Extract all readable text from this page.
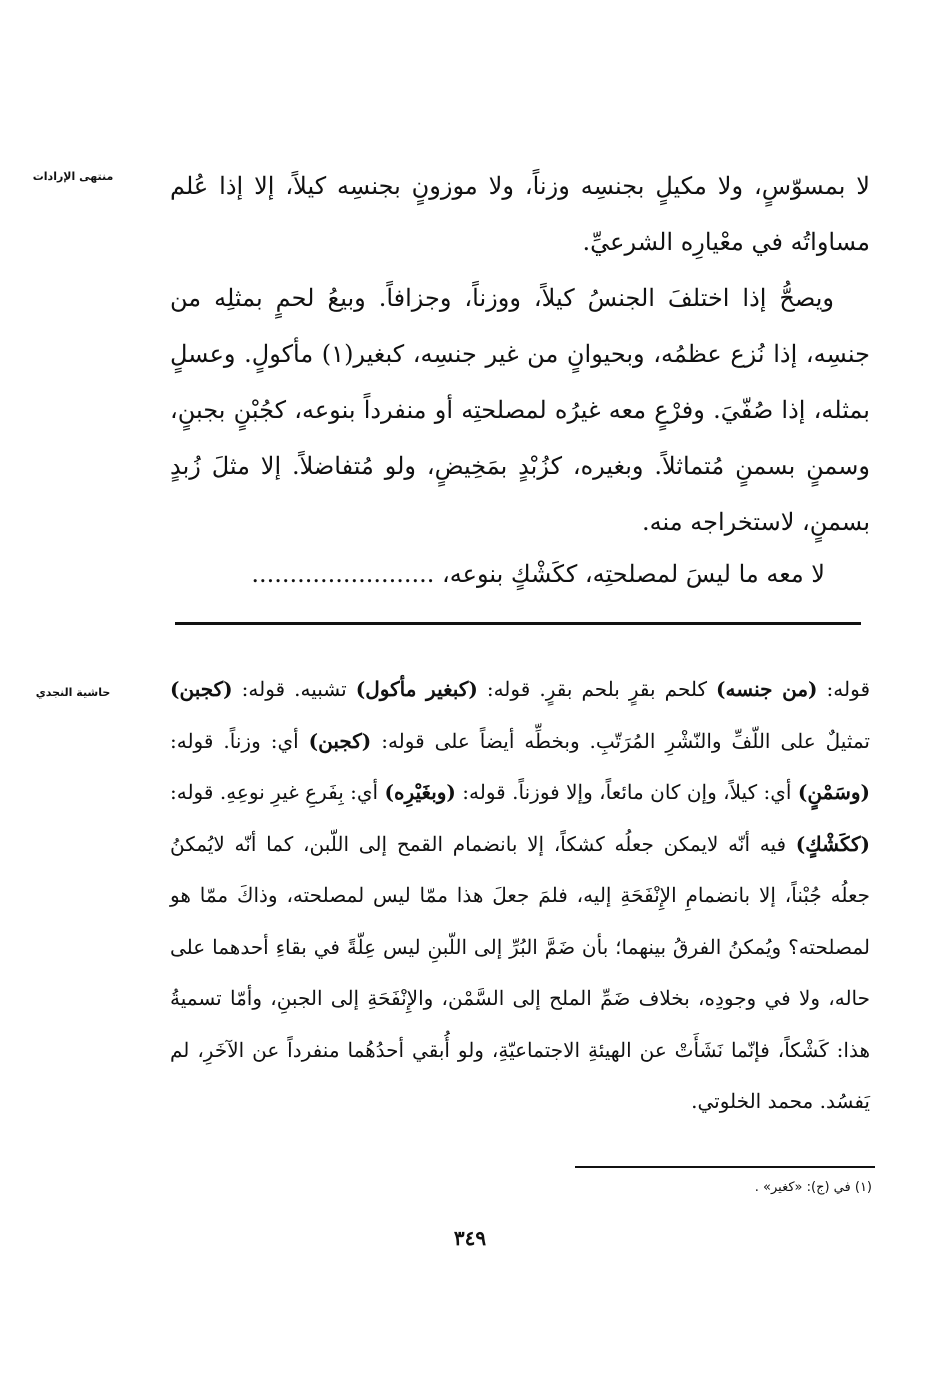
منتهى الإرادات
حاشية النجدي

لا بمسوّسٍ، ولا مكيلٍ بجنسِه وزناً، ولا موزونٍ بجنسِه كيلاً، إلا إذا عُلم مساواتُه في معْيارِه الشرعيِّ.

ويصحُّ إذا اختلفَ الجنسُ كيلاً، ووزناً، وجزافاً. وبيعُ لحمٍ بمثلِه من جنسِه، إذا نُزع عظمُه، وبحيوانٍ من غير جنسِه، كبغير(١) مأكولٍ. وعسلٍ بمثله، إذا صُفّيَ. وفرْعٍ معه غيرُه لمصلحتِه أو منفرداً بنوعه، كجُبْنٍ بجبنٍ، وسمنٍ بسمنٍ مُتماثلاً. وبغيره، كزُبْدٍ بمَخِيضٍ، ولو مُتفاضلاً. إلا مثلَ زُبدٍ بسمنٍ، لاستخراجه منه.

لا معه ما ليسَ لمصلحتِه، ككَشْكٍ بنوعه، ........................

قوله: (من جنسه) كلحم بقرٍ بلحم بقرٍ. قوله: (كبغير مأكول) تشبيه. قوله: (كجبن) تمثيلٌ على اللّفِّ والنّشْرِ المُرَتّبِ. وبخطِّه أيضاً على قوله: (كجبن) أي: وزناً. قوله: (وسَمْنٍ) أي: كيلاً، وإن كان مائعاً، وإلا فوزناً. قوله: (وبغَيْرِه) أي: بِفَرعِ غيرِ نوعِهِ. قوله: (ككَشْكٍ) فيه أنّه لايمكن جعلُه كشكاً، إلا بانضمام القمح إلى اللّبن، كما أنّه لايُمكنُ جعلُه جُبْناً، إلا بانضمامِ الإِنْفَحَةِ إليه، فلمَ جعلَ هذا ممّا ليس لمصلحته، وذاكَ ممّا هو لمصلحته؟ ويُمكنُ الفرقُ بينهما؛ بأن ضَمَّ البُرِّ إلى اللّبنِ ليس عِلّةً في بقاءِ أحدهما على حاله، ولا في وجودِه، بخلاف ضَمِّ الملح إلى السَّمْن، والإِنْفَحَةِ إلى الجبنِ، وأمّا تسميةُ هذا: كَشْكاً، فإنّما نَشَأَتْ عن الهيئةِ الاجتماعيّةِ، ولو أُبقي أحدُهُما منفرداً عن الآخَرِ، لم يَفسُد. محمد الخلوتي.

(١) في (ج): «كغير» .
٣٤٩
